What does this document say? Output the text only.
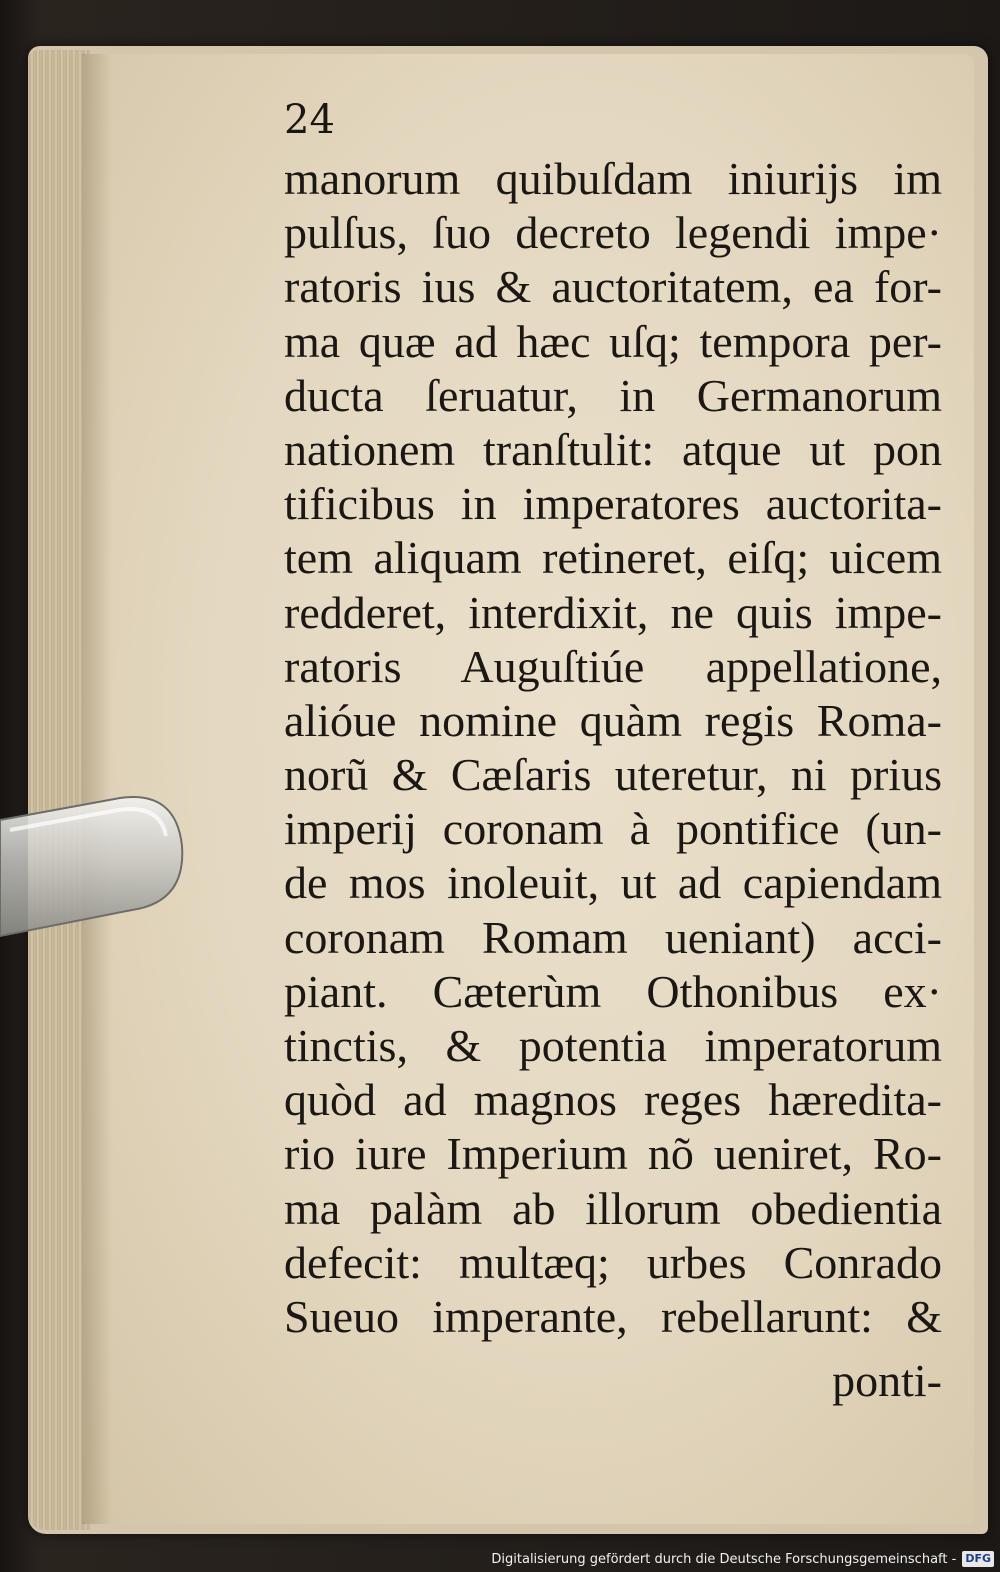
24
manorum quibuſdam iniurijs im
pulſus, ſuo decreto legendi impe·
ratoris ius & auctoritatem, ea for-
ma quæ ad hæc uſq; tempora per-
ducta ſeruatur, in Germanorum
nationem tranſtulit: atque ut pon
tificibus in imperatores auctorita-
tem aliquam retineret, eiſq; uicem
redderet, interdixit, ne quis impe-
ratoris Auguſtiúe appellatione,
alióue nomine quàm regis Roma-
norũ & Cæſaris uteretur, ni prius
imperij coronam à pontifice (un-
de mos inoleuit, ut ad capiendam
coronam Romam ueniant) acci-
piant. Cæterùm Othonibus ex·
tinctis, & potentia imperatorum
quòd ad magnos reges hæredita-
rio iure Imperium nõ ueniret, Ro-
ma palàm ab illorum obedientia
defecit: multæq; urbes Conrado
Sueuo imperante, rebellarunt: &
ponti-
Digitalisierung gefördert durch die Deutsche Forschungsgemeinschaft - DFG
